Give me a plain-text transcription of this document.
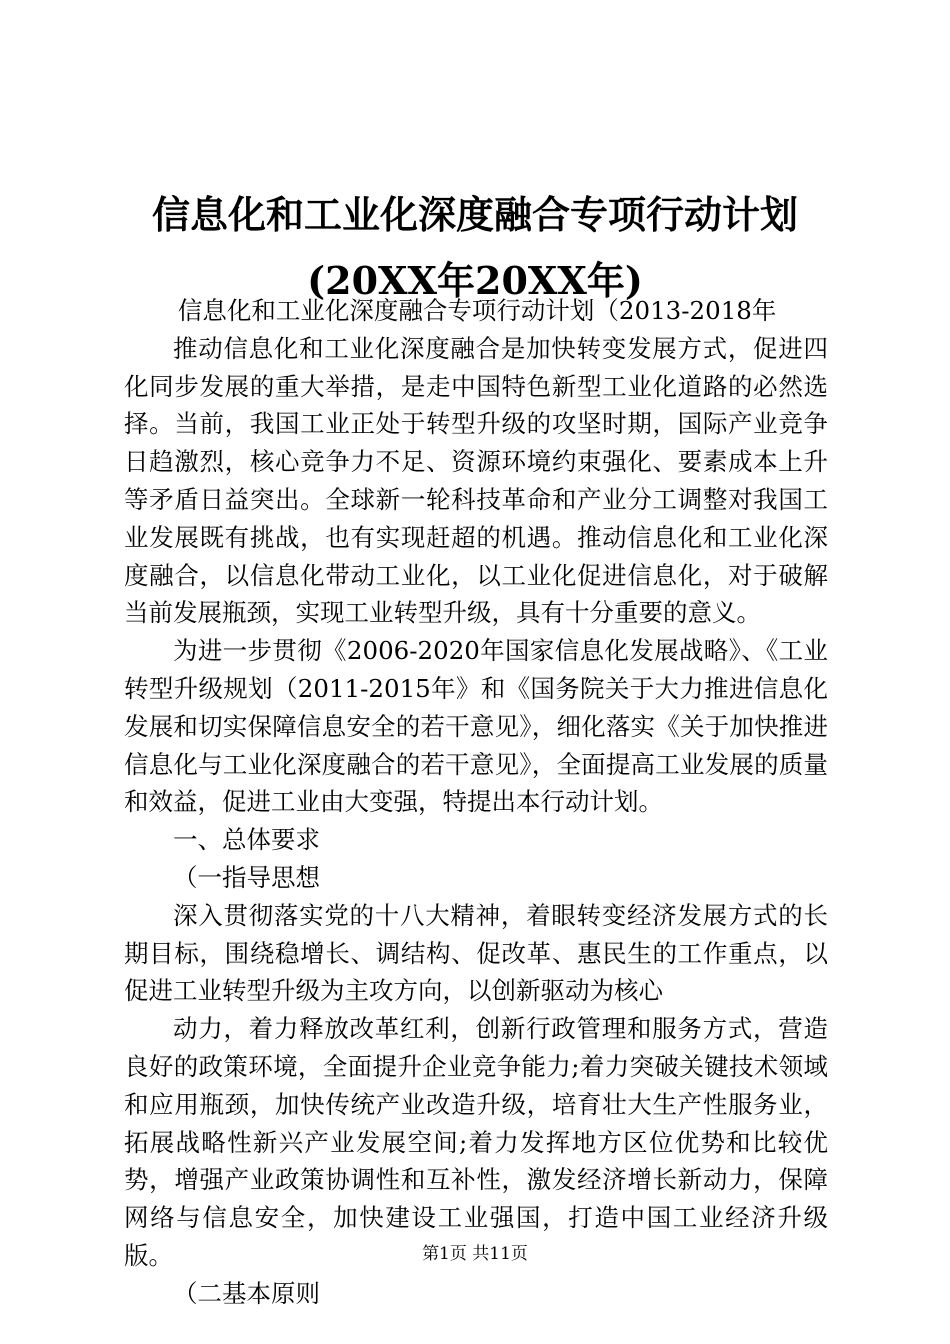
信息化和工业化深度融合专项行动计划(20XX年20XX年)

信息化和工业化深度融合专项行动计划（2013-2018年

推动信息化和工业化深度融合是加快转变发展方式，促进四化同步发展的重大举措，是走中国特色新型工业化道路的必然选择。当前，我国工业正处于转型升级的攻坚时期，国际产业竞争日趋激烈，核心竞争力不足、资源环境约束强化、要素成本上升等矛盾日益突出。全球新一轮科技革命和产业分工调整对我国工业发展既有挑战，也有实现赶超的机遇。推动信息化和工业化深度融合，以信息化带动工业化，以工业化促进信息化，对于破解当前发展瓶颈，实现工业转型升级，具有十分重要的意义。

为进一步贯彻《2006-2020年国家信息化发展战略》、《工业转型升级规划（2011-2015年》和《国务院关于大力推进信息化发展和切实保障信息安全的若干意见》，细化落实《关于加快推进信息化与工业化深度融合的若干意见》，全面提高工业发展的质量和效益，促进工业由大变强，特提出本行动计划。

一、总体要求

（一指导思想

深入贯彻落实党的十八大精神，着眼转变经济发展方式的长期目标，围绕稳增长、调结构、促改革、惠民生的工作重点，以促进工业转型升级为主攻方向，以创新驱动为核心

动力，着力释放改革红利，创新行政管理和服务方式，营造良好的政策环境，全面提升企业竞争能力;着力突破关键技术领域和应用瓶颈，加快传统产业改造升级，培育壮大生产性服务业，拓展战略性新兴产业发展空间;着力发挥地方区位优势和比较优势，增强产业政策协调性和互补性，激发经济增长新动力，保障网络与信息安全，加快建设工业强国，打造中国工业经济升级版。

（二基本原则

第1页 共11页
